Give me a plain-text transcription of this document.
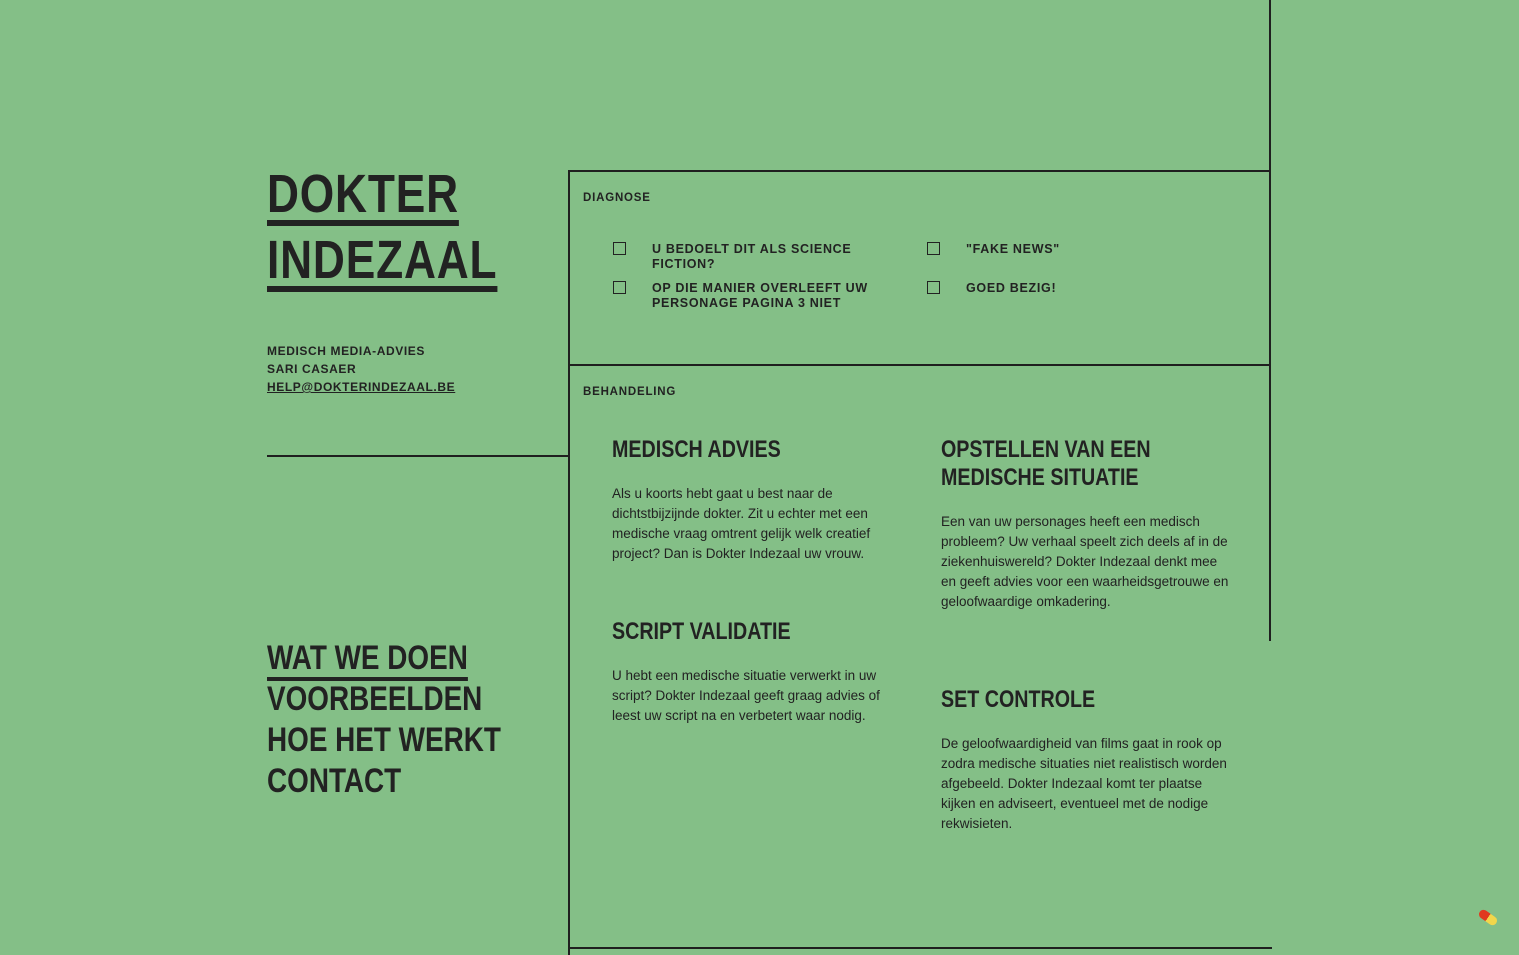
DOKTER
INDEZAAL
MEDISCH MEDIA-ADVIES
SARI CASAER
HELP@DOKTERINDEZAAL.BE
WAT WE DOEN
VOORBEELDEN
HOE HET WERKT
CONTACT
DIAGNOSE
U BEDOELT DIT ALS SCIENCE FICTION?
"FAKE NEWS"
OP DIE MANIER OVERLEEFT UW PERSONAGE PAGINA 3 NIET
GOED BEZIG!
BEHANDELING
MEDISCH ADVIES

Als u koorts hebt gaat u best naar de dichtstbijzijnde dokter. Zit u echter met een medische vraag omtrent gelijk welk creatief project? Dan is Dokter Indezaal uw vrouw.

OPSTELLEN VAN EEN MEDISCHE SITUATIE

Een van uw personages heeft een medisch probleem? Uw verhaal speelt zich deels af in de ziekenhuiswereld? Dokter Indezaal denkt mee en geeft advies voor een waarheidsgetrouwe en geloofwaardige omkadering.

SCRIPT VALIDATIE

U hebt een medische situatie verwerkt in uw script? Dokter Indezaal geeft graag advies of leest uw script na en verbetert waar nodig.

SET CONTROLE

De geloofwaardigheid van films gaat in rook op zodra medische situaties niet realistisch worden afgebeeld. Dokter Indezaal komt ter plaatse kijken en adviseert, eventueel met de nodige rekwisieten.
